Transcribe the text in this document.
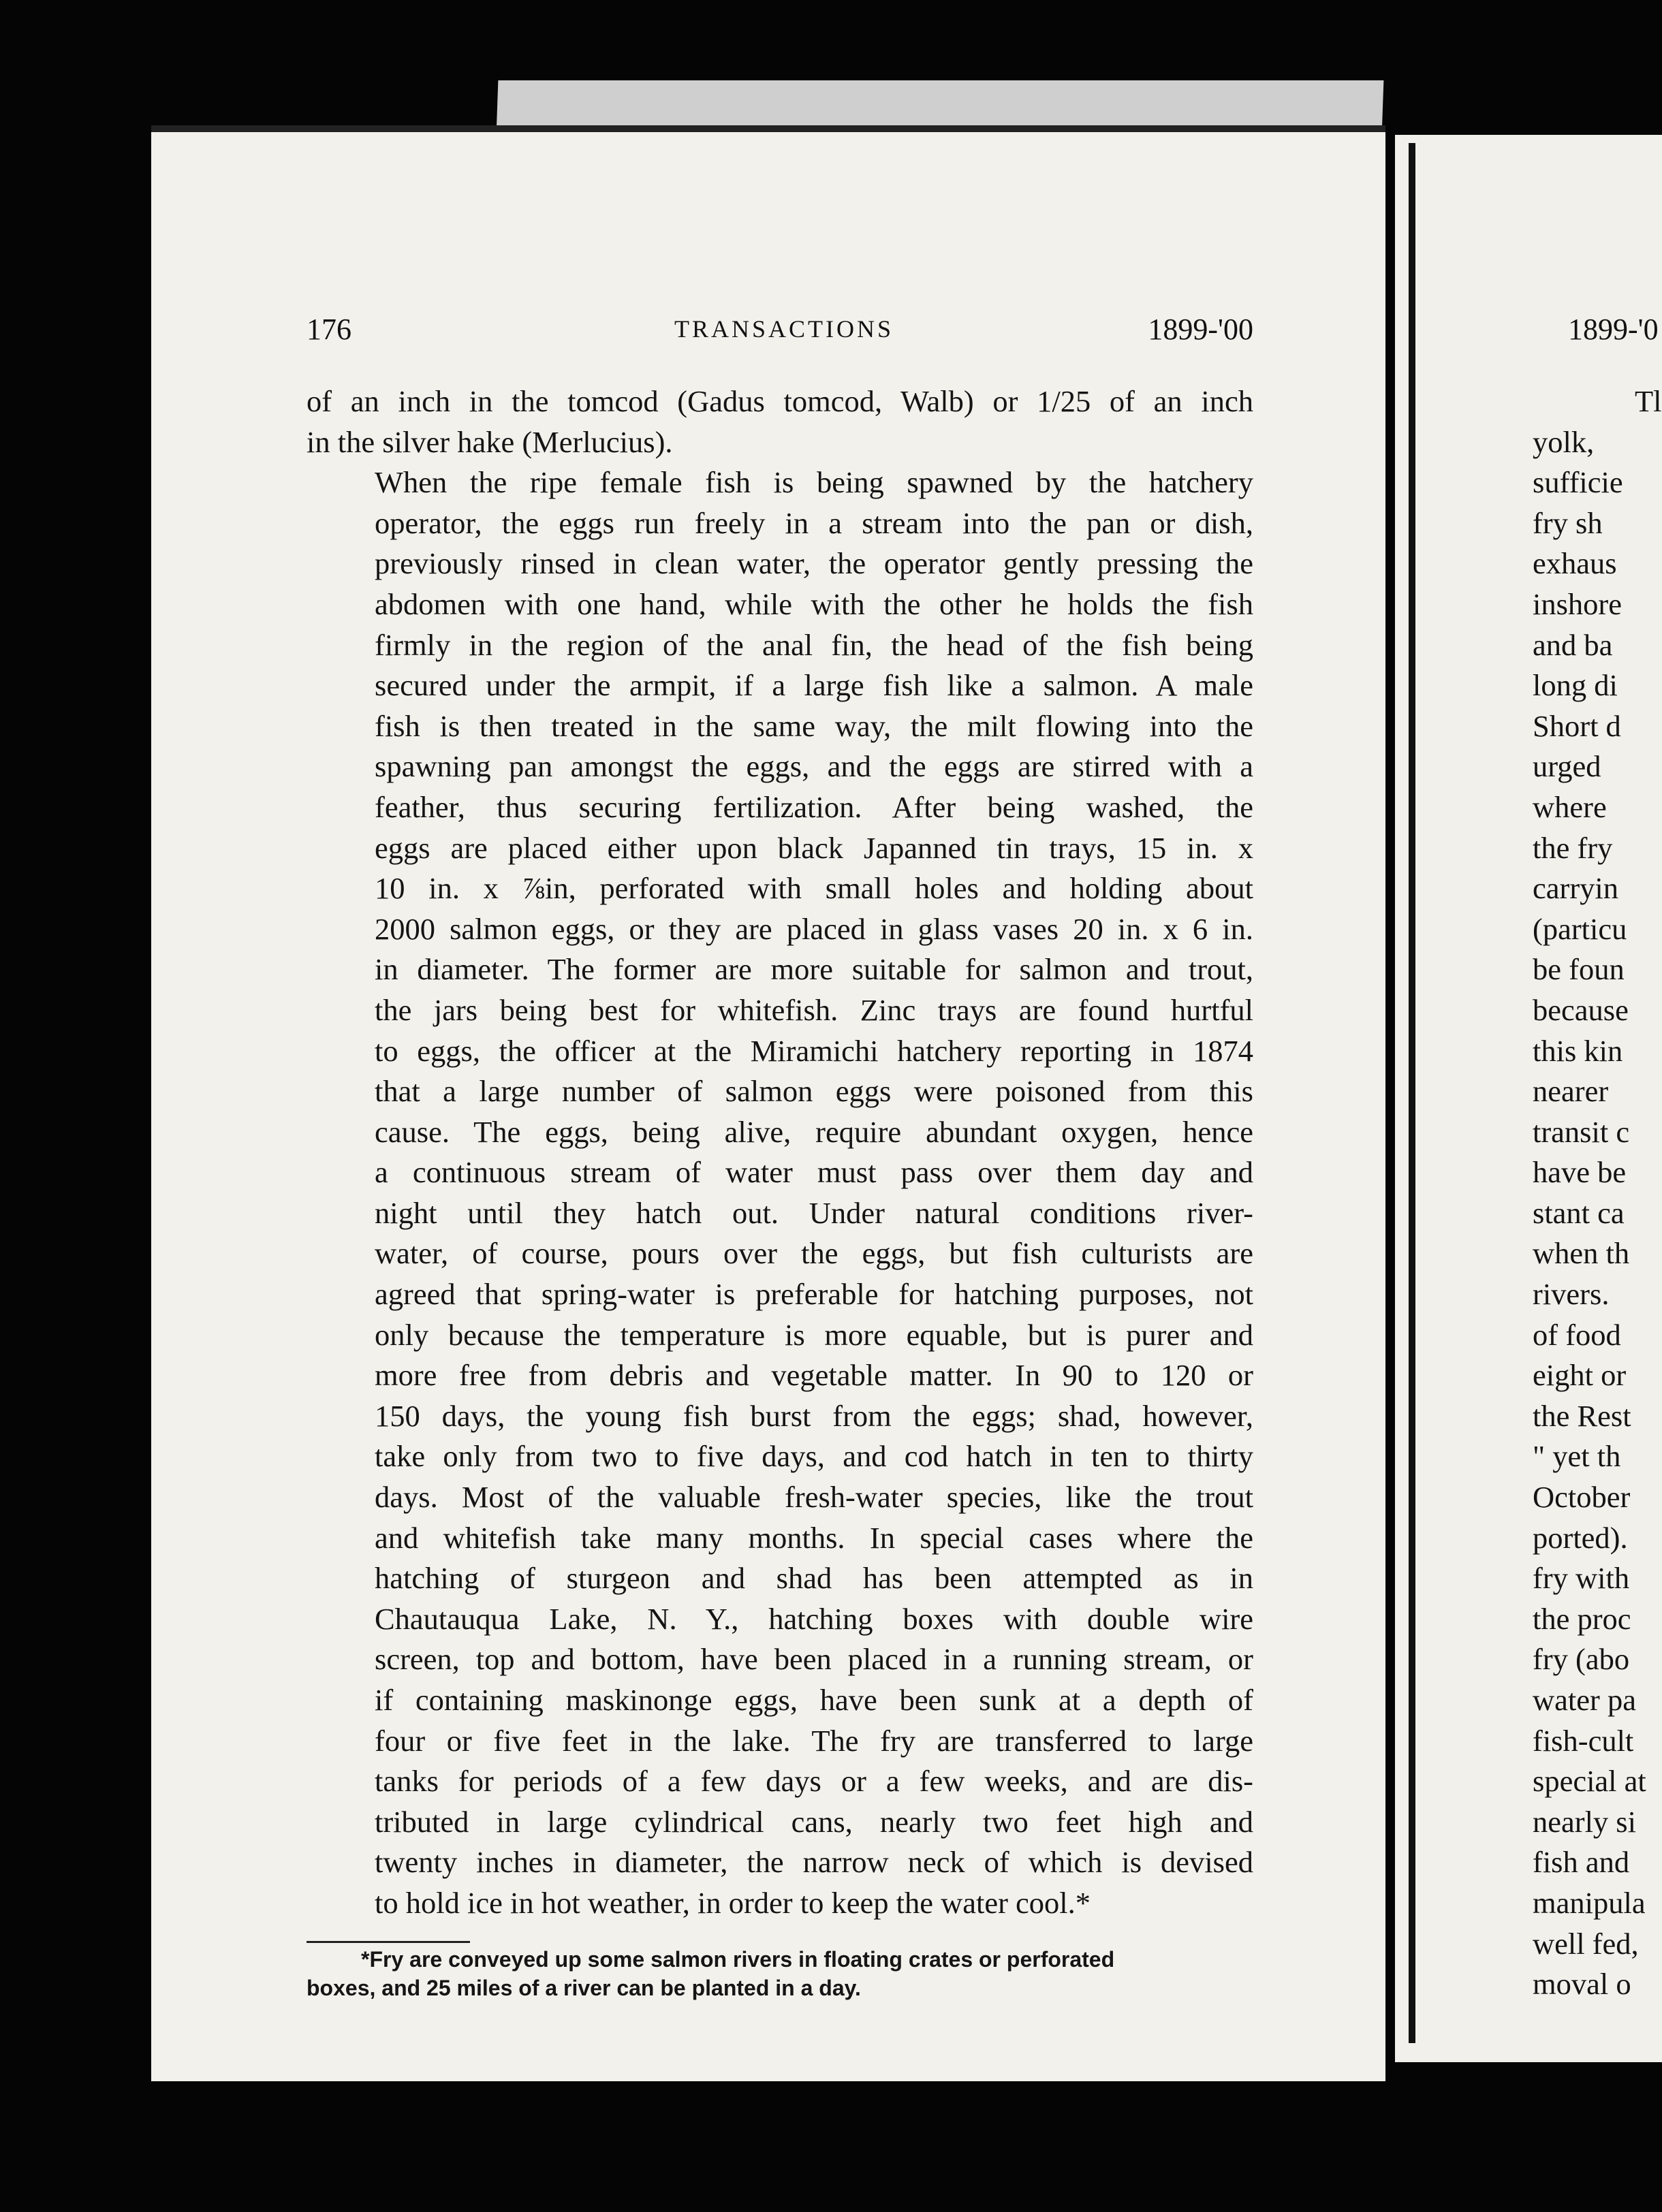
176	TRANSACTIONS	1899-'00

of an inch in the tomcod (Gadus tomcod, Walb) or 1/25 of an inch
in the silver hake (Merlucius).

When the ripe female fish is being spawned by the hatchery
operator, the eggs run freely in a stream into the pan or dish,
previously rinsed in clean water, the operator gently pressing the
abdomen with one hand, while with the other he holds the fish
firmly in the region of the anal fin, the head of the fish being
secured under the armpit, if a large fish like a salmon. A male
fish is then treated in the same way, the milt flowing into the
spawning pan amongst the eggs, and the eggs are stirred with a
feather, thus securing fertilization. After being washed, the
eggs are placed either upon black Japanned tin trays, 15 in. x
10 in. x ⅞in, perforated with small holes and holding about
2000 salmon eggs, or they are placed in glass vases 20 in. x 6 in.
in diameter. The former are more suitable for salmon and trout,
the jars being best for whitefish. Zinc trays are found hurtful
to eggs, the officer at the Miramichi hatchery reporting in 1874
that a large number of salmon eggs were poisoned from this
cause. The eggs, being alive, require abundant oxygen, hence
a continuous stream of water must pass over them day and
night until they hatch out. Under natural conditions river-
water, of course, pours over the eggs, but fish culturists are
agreed that spring-water is preferable for hatching purposes, not
only because the temperature is more equable, but is purer and
more free from debris and vegetable matter. In 90 to 120 or
150 days, the young fish burst from the eggs; shad, however,
take only from two to five days, and cod hatch in ten to thirty
days. Most of the valuable fresh-water species, like the trout
and whitefish take many months. In special cases where the
hatching of sturgeon and shad has been attempted as in
Chautauqua Lake, N. Y., hatching boxes with double wire
screen, top and bottom, have been placed in a running stream, or
if containing maskinonge eggs, have been sunk at a depth of
four or five feet in the lake. The fry are transferred to large
tanks for periods of a few days or a few weeks, and are dis-
tributed in large cylindrical cans, nearly two feet high and
twenty inches in diameter, the narrow neck of which is devised
to hold ice in hot weather, in order to keep the water cool.*

*Fry are conveyed up some salmon rivers in floating crates or perforated
boxes, and 25 miles of a river can be planted in a day.
1899-'0
Tl
yolk,
sufficie
fry sh
exhaus
inshore
and ba
long di
Short d
urged
where
the fry
carryin
(particu
be foun
because
this kin
nearer
transit c
have be
stant ca
when th
rivers.
of food
eight or
the Rest
" yet th
October
ported).
fry with
the proc
fry (abo
water pa
fish-cult
special at
nearly si
fish and
manipula
well fed,
moval o
